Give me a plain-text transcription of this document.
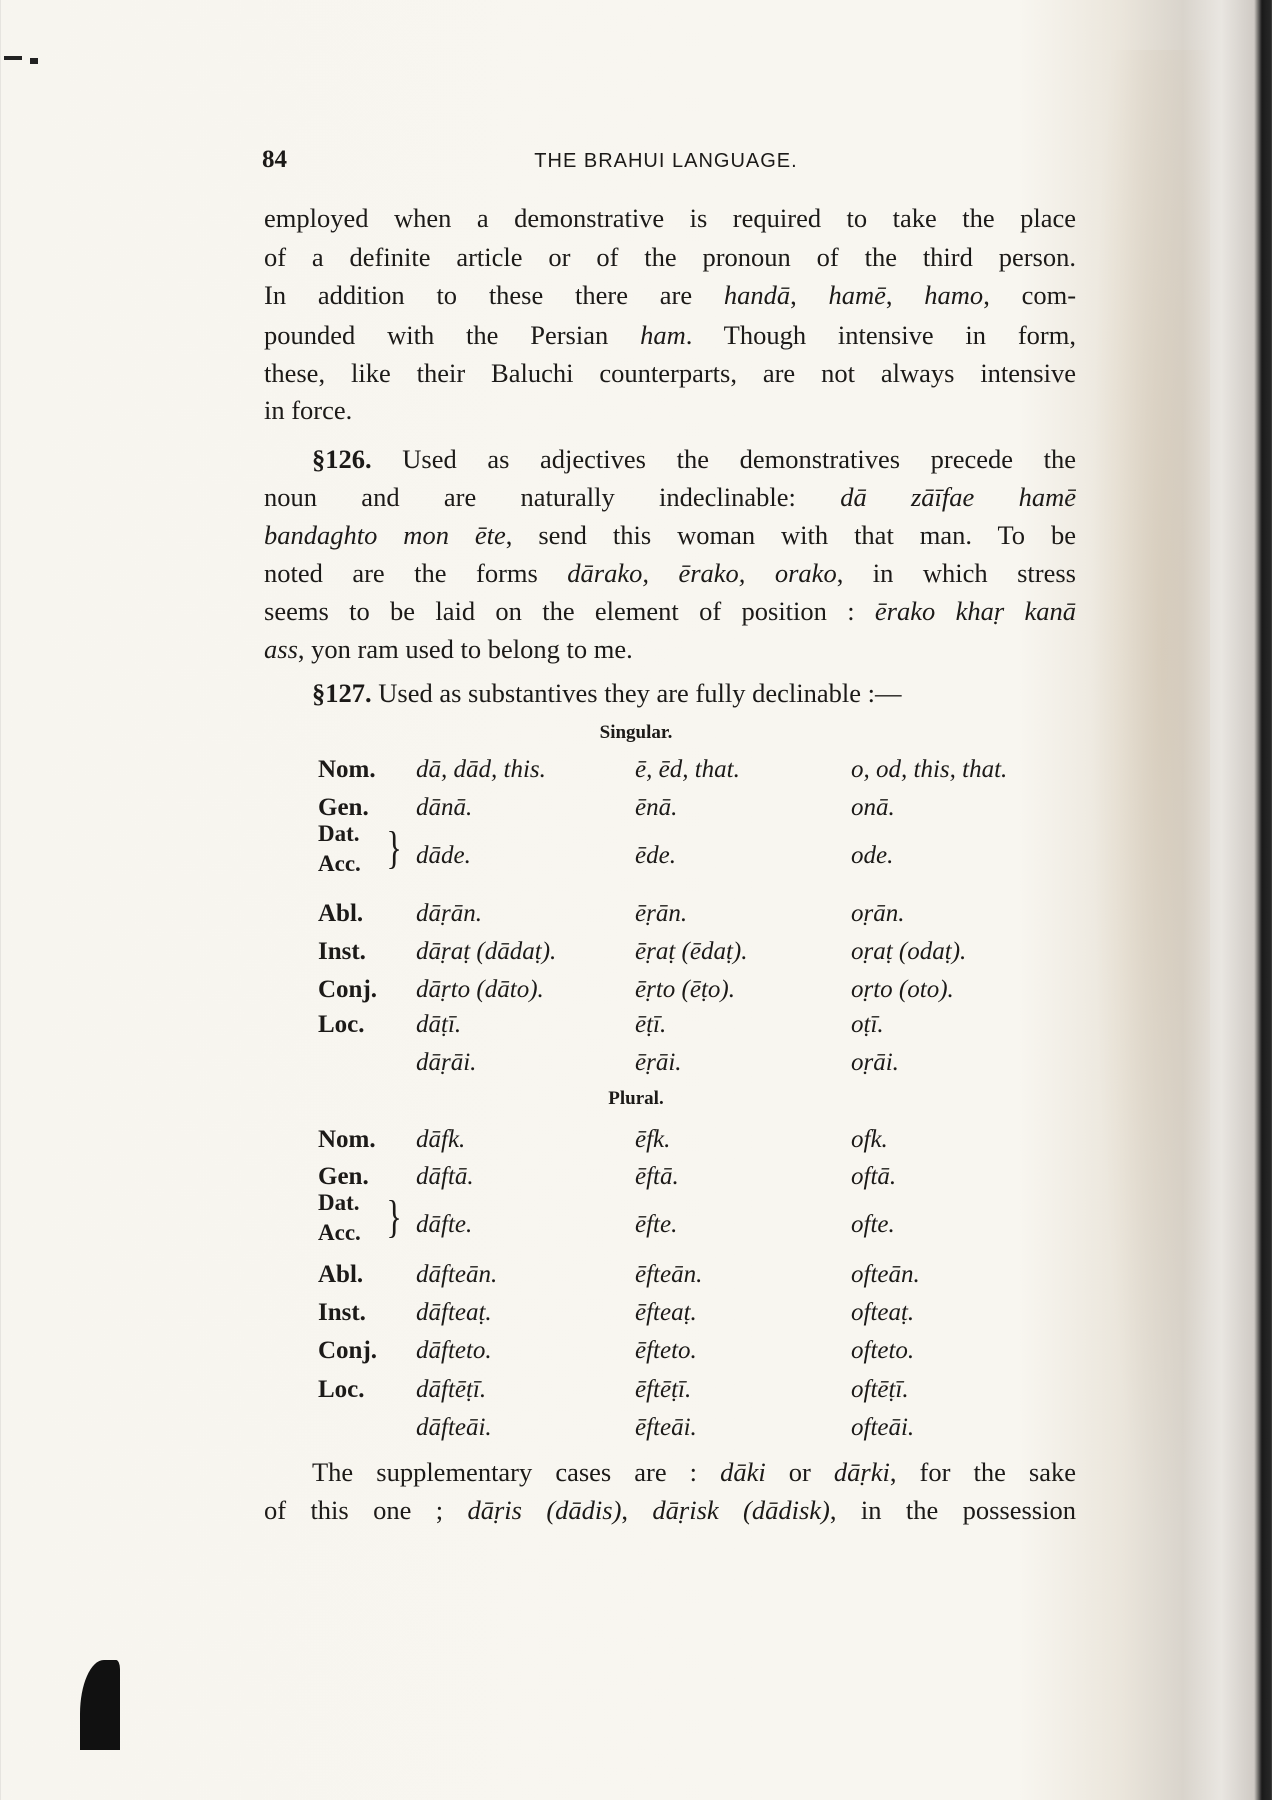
84	THE BRAHUI LANGUAGE.
employed when a demonstrative is required to take the place
of a definite article or of the pronoun of the third person.
In addition to these there are handā, hamē, hamo, com-
pounded with the Persian ham. Though intensive in form,
these, like their Baluchi counterparts, are not always intensive
in force.
§126. Used as adjectives the demonstratives precede the
noun and are naturally indeclinable: dā zāīfae hamē
bandaghto mon ēte, send this woman with that man. To be
noted are the forms dārako, ērako, orako, in which stress
seems to be laid on the element of position : ērako khaṛ kanā
ass, yon ram used to belong to me.
§127. Used as substantives they are fully declinable :—
The supplementary cases are : dāki or dāṛki, for the sake
of this one ; dāṛis (dādis), dāṛisk (dādisk), in the possession
Singular.
Nom. dā, dād, this.	ē, ēd, that.	o, od, this, that.
Gen. dānā.	ēnā.	onā.
Dat.
Acc. } dāde.	ēde.	ode.
Abl. dāṛān.	ēṛān.	oṛān.
Inst. dāṛaṭ (dādaṭ).	ēṛaṭ (ēdaṭ).	oṛaṭ (odaṭ).
Conj. dāṛto (dāto).	ēṛto (ēṭo).	oṛto (oto).
Loc. dāṭī.	ēṭī.	oṭī.
dāṛāi.	ēṛāi.	oṛāi.
Plural.
Nom. dāfk.	ēfk.	ofk.
Gen. dāftā.	ēftā.	oftā.
Dat.
Acc. } dāfte.	ēfte.	ofte.
Abl. dāfteān.	ēfteān.	ofteān.
Inst. dāfteaṭ.	ēfteaṭ.	ofteaṭ.
Conj. dāfteto.	ēfteto.	ofteto.
Loc. dāftēṭī.	ēftēṭī.	oftēṭī.
dāfteāi.	ēfteāi.	ofteāi.
